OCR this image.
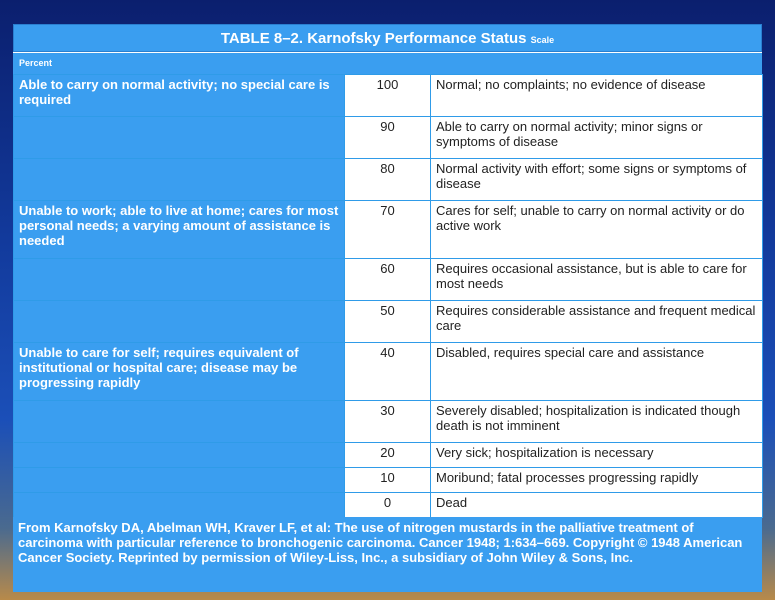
TABLE 8–2. Karnofsky Performance Status Scale
Percent
Able to carry on normal activity; no special care is required	100	Normal; no complaints; no evidence of disease
	90	Able to carry on normal activity; minor signs or symptoms of disease
	80	Normal activity with effort; some signs or symptoms of disease
Unable to work; able to live at home; cares for most personal needs; a varying amount of assistance is needed	70	Cares for self; unable to carry on normal activity or do active work
	60	Requires occasional assistance, but is able to care for most needs
	50	Requires considerable assistance and frequent medical care
Unable to care for self; requires equivalent of institutional or hospital care; disease may be progressing rapidly	40	Disabled, requires special care and assistance
	30	Severely disabled; hospitalization is indicated though death is not imminent
	20	Very sick; hospitalization is necessary
	10	Moribund; fatal processes progressing rapidly
	0	Dead
From Karnofsky DA, Abelman WH, Kraver LF, et al: The use of nitrogen mustards in the palliative treatment of carcinoma with particular reference to bronchogenic carcinoma. Cancer 1948; 1:634–669. Copyright © 1948 American Cancer Society. Reprinted by permission of Wiley-Liss, Inc., a subsidiary of John Wiley & Sons, Inc.
